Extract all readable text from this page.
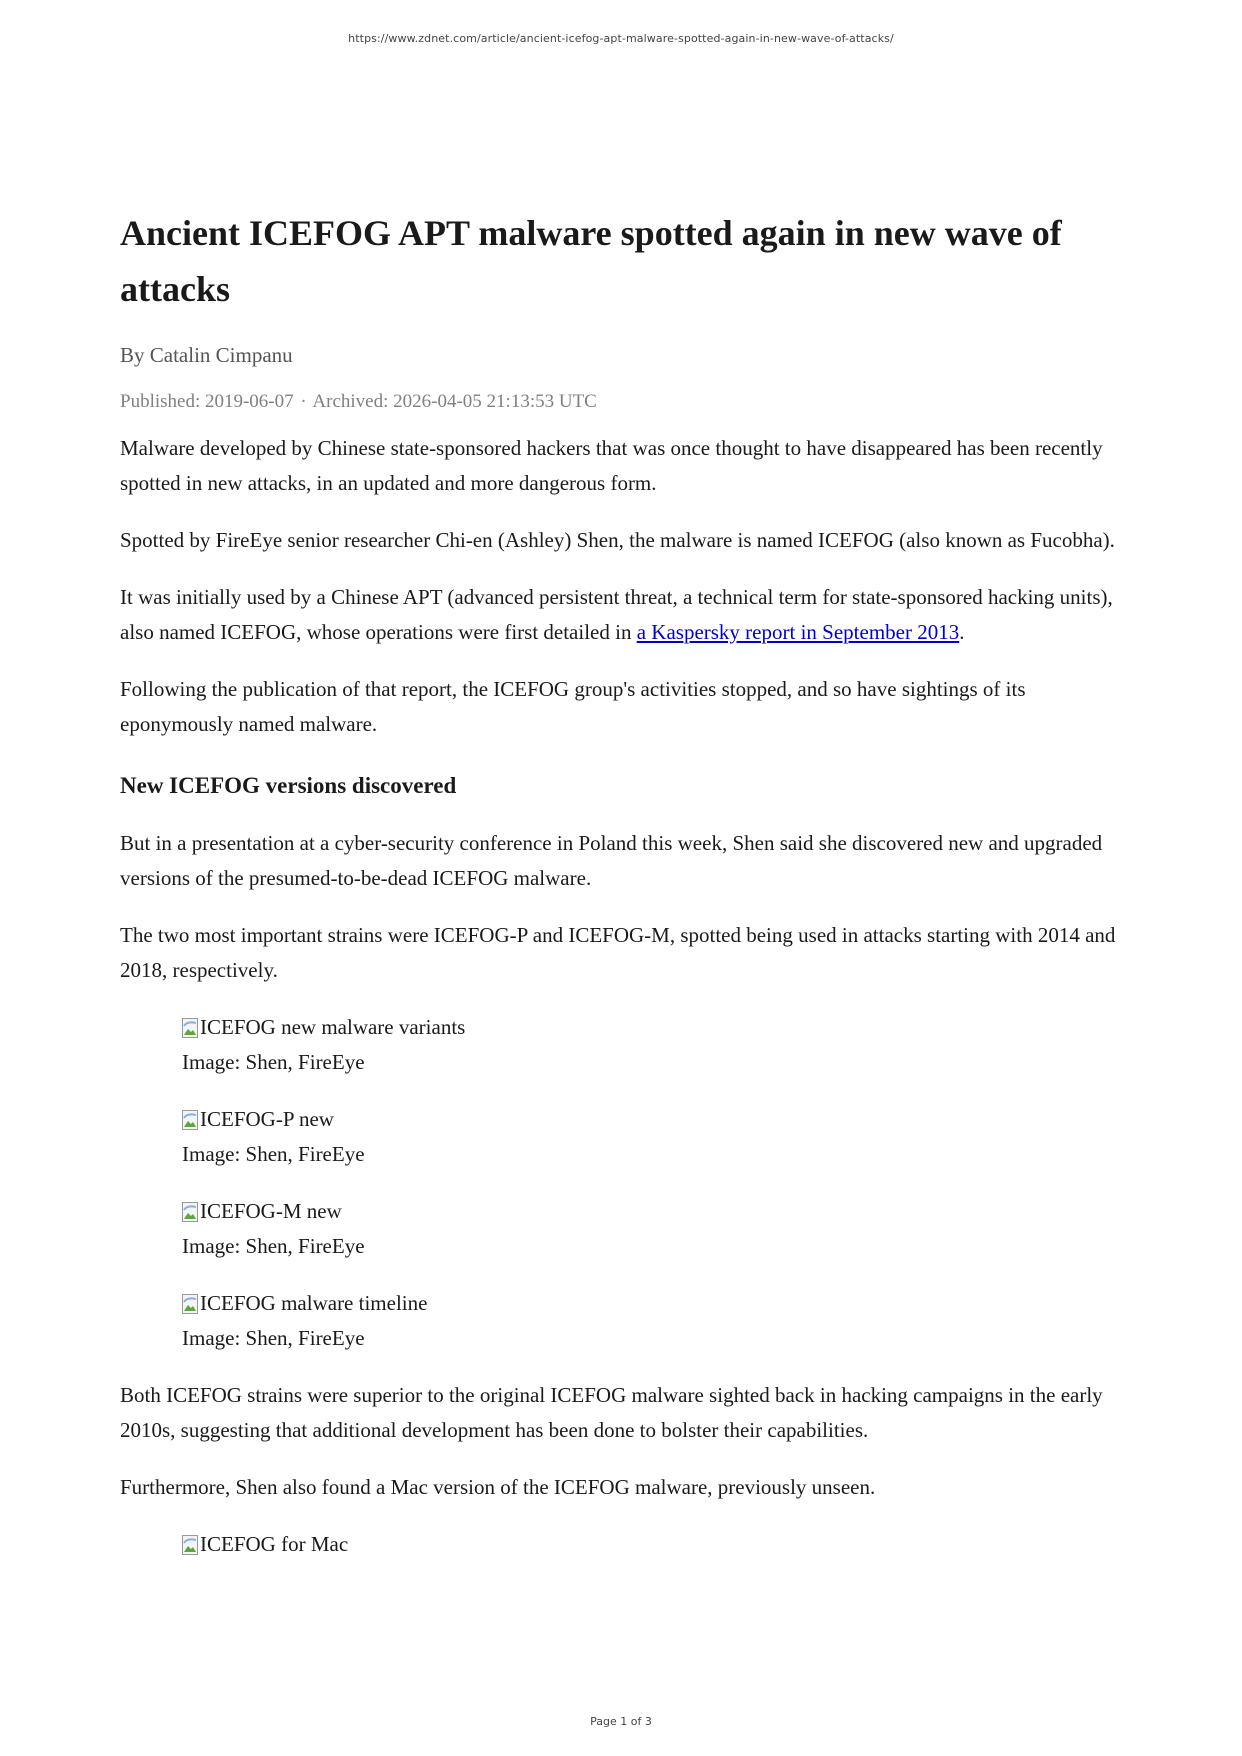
https://www.zdnet.com/article/ancient-icefog-apt-malware-spotted-again-in-new-wave-of-attacks/
Ancient ICEFOG APT malware spotted again in new wave of attacks
By Catalin Cimpanu
Published: 2019-06-07 · Archived: 2026-04-05 21:13:53 UTC

Malware developed by Chinese state-sponsored hackers that was once thought to have disappeared has been recently spotted in new attacks, in an updated and more dangerous form.

Spotted by FireEye senior researcher Chi-en (Ashley) Shen, the malware is named ICEFOG (also known as Fucobha).

It was initially used by a Chinese APT (advanced persistent threat, a technical term for state-sponsored hacking units), also named ICEFOG, whose operations were first detailed in a Kaspersky report in September 2013.

Following the publication of that report, the ICEFOG group's activities stopped, and so have sightings of its eponymously named malware.

New ICEFOG versions discovered

But in a presentation at a cyber-security conference in Poland this week, Shen said she discovered new and upgraded versions of the presumed-to-be-dead ICEFOG malware.

The two most important strains were ICEFOG-P and ICEFOG-M, spotted being used in attacks starting with 2014 and 2018, respectively.

ICEFOG new malware variants
Image: Shen, FireEye
ICEFOG-P new
Image: Shen, FireEye
ICEFOG-M new
Image: Shen, FireEye
ICEFOG malware timeline
Image: Shen, FireEye

Both ICEFOG strains were superior to the original ICEFOG malware sighted back in hacking campaigns in the early 2010s, suggesting that additional development has been done to bolster their capabilities.

Furthermore, Shen also found a Mac version of the ICEFOG malware, previously unseen.

ICEFOG for Mac
Page 1 of 3
